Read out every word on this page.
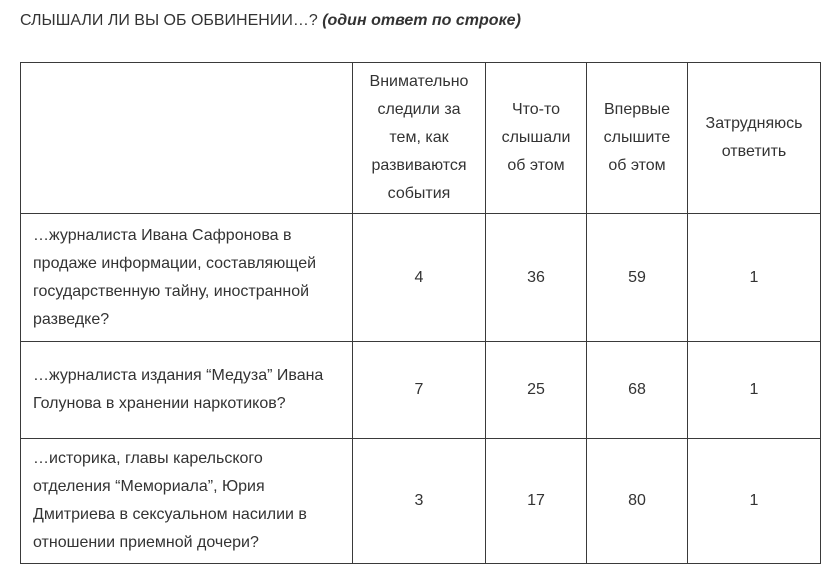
СЛЫШАЛИ ЛИ ВЫ ОБ ОБВИНЕНИИ…? (один ответ по строке)
	Внимательно следили за тем, как развиваются события	Что-то слышали об этом	Впервые слышите об этом	Затрудняюсь ответить
…журналиста Ивана Сафронова в продаже информации, составляющей государственную тайну, иностранной разведке?	4	36	59	1
…журналиста издания “Медуза” Ивана Голунова в хранении наркотиков?	7	25	68	1
…историка, главы карельского отделения “Мемориала”, Юрия Дмитриева в сексуальном насилии в отношении приемной дочери?	3	17	80	1
